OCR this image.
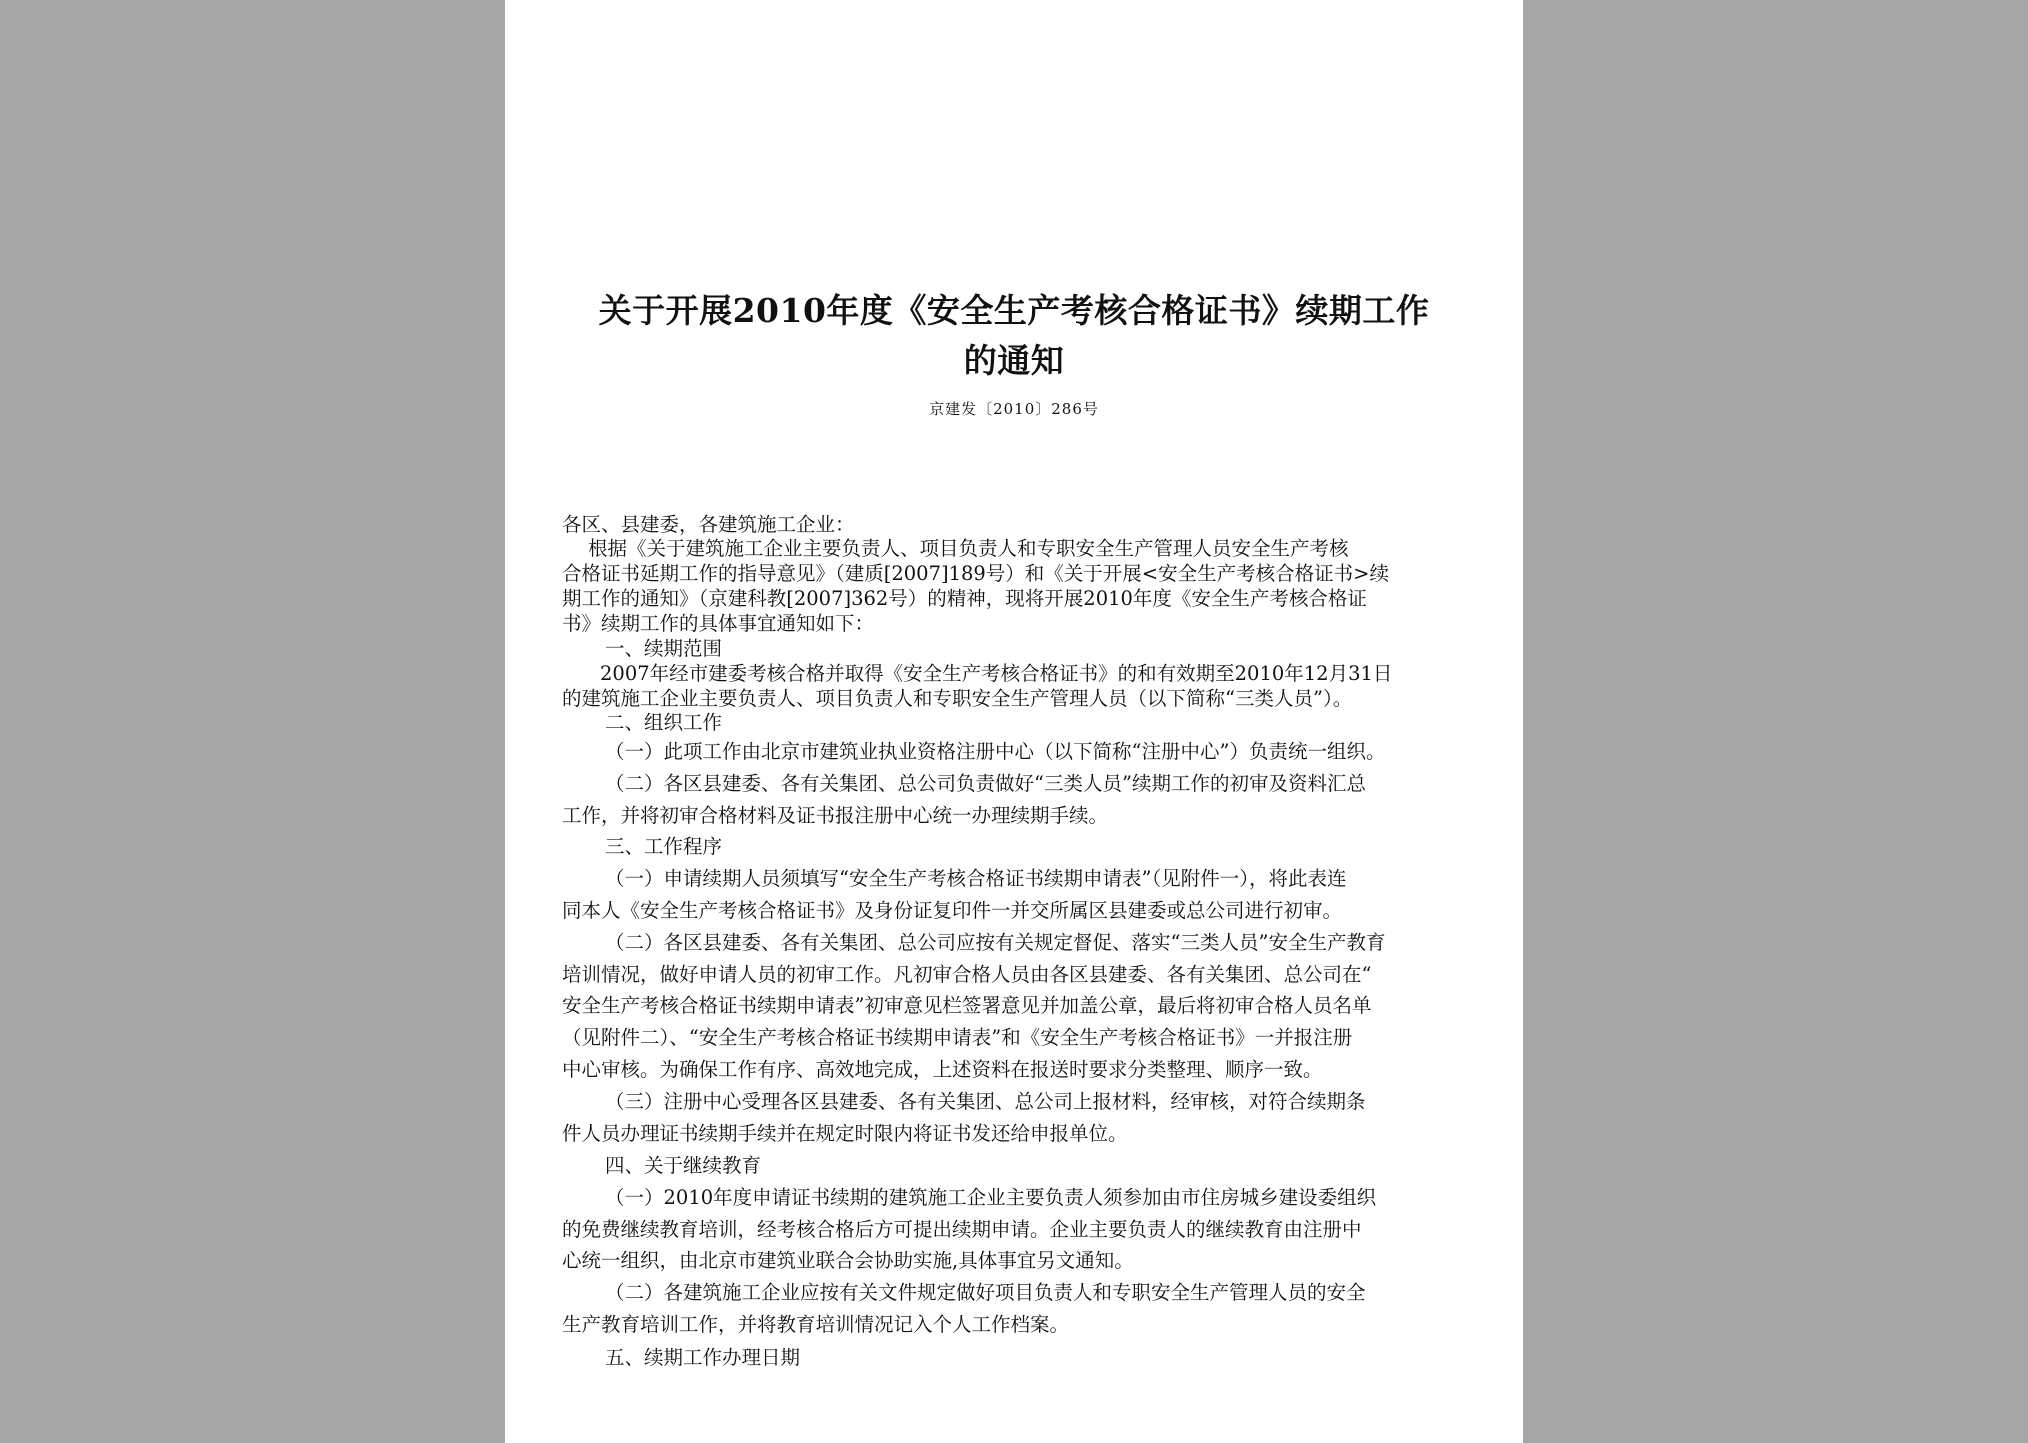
关于开展2010年度《安全生产考核合格证书》续期工作
的通知
京建发〔2010〕286号
各区、县建委，各建筑施工企业：
根据《关于建筑施工企业主要负责人、项目负责人和专职安全生产管理人员安全生产考核
合格证书延期工作的指导意见》（建质[2007]189号）和《关于开展<安全生产考核合格证书>续
期工作的通知》（京建科教[2007]362号）的精神，现将开展2010年度《安全生产考核合格证
书》续期工作的具体事宜通知如下：
一、续期范围
2007年经市建委考核合格并取得《安全生产考核合格证书》的和有效期至2010年12月31日
的建筑施工企业主要负责人、项目负责人和专职安全生产管理人员（以下简称“三类人员”）。
二、组织工作
（一）此项工作由北京市建筑业执业资格注册中心（以下简称“注册中心”）负责统一组织。
（二）各区县建委、各有关集团、总公司负责做好“三类人员”续期工作的初审及资料汇总
工作，并将初审合格材料及证书报注册中心统一办理续期手续。
三、工作程序
（一）申请续期人员须填写“安全生产考核合格证书续期申请表”（见附件一），将此表连
同本人《安全生产考核合格证书》及身份证复印件一并交所属区县建委或总公司进行初审。
（二）各区县建委、各有关集团、总公司应按有关规定督促、落实“三类人员”安全生产教育
培训情况，做好申请人员的初审工作。凡初审合格人员由各区县建委、各有关集团、总公司在“
安全生产考核合格证书续期申请表”初审意见栏签署意见并加盖公章，最后将初审合格人员名单
（见附件二）、“安全生产考核合格证书续期申请表”和《安全生产考核合格证书》一并报注册
中心审核。为确保工作有序、高效地完成，上述资料在报送时要求分类整理、顺序一致。
（三）注册中心受理各区县建委、各有关集团、总公司上报材料，经审核，对符合续期条
件人员办理证书续期手续并在规定时限内将证书发还给申报单位。
四、关于继续教育
（一）2010年度申请证书续期的建筑施工企业主要负责人须参加由市住房城乡建设委组织
的免费继续教育培训，经考核合格后方可提出续期申请。企业主要负责人的继续教育由注册中
心统一组织，由北京市建筑业联合会协助实施,具体事宜另文通知。
（二）各建筑施工企业应按有关文件规定做好项目负责人和专职安全生产管理人员的安全
生产教育培训工作，并将教育培训情况记入个人工作档案。
五、续期工作办理日期
